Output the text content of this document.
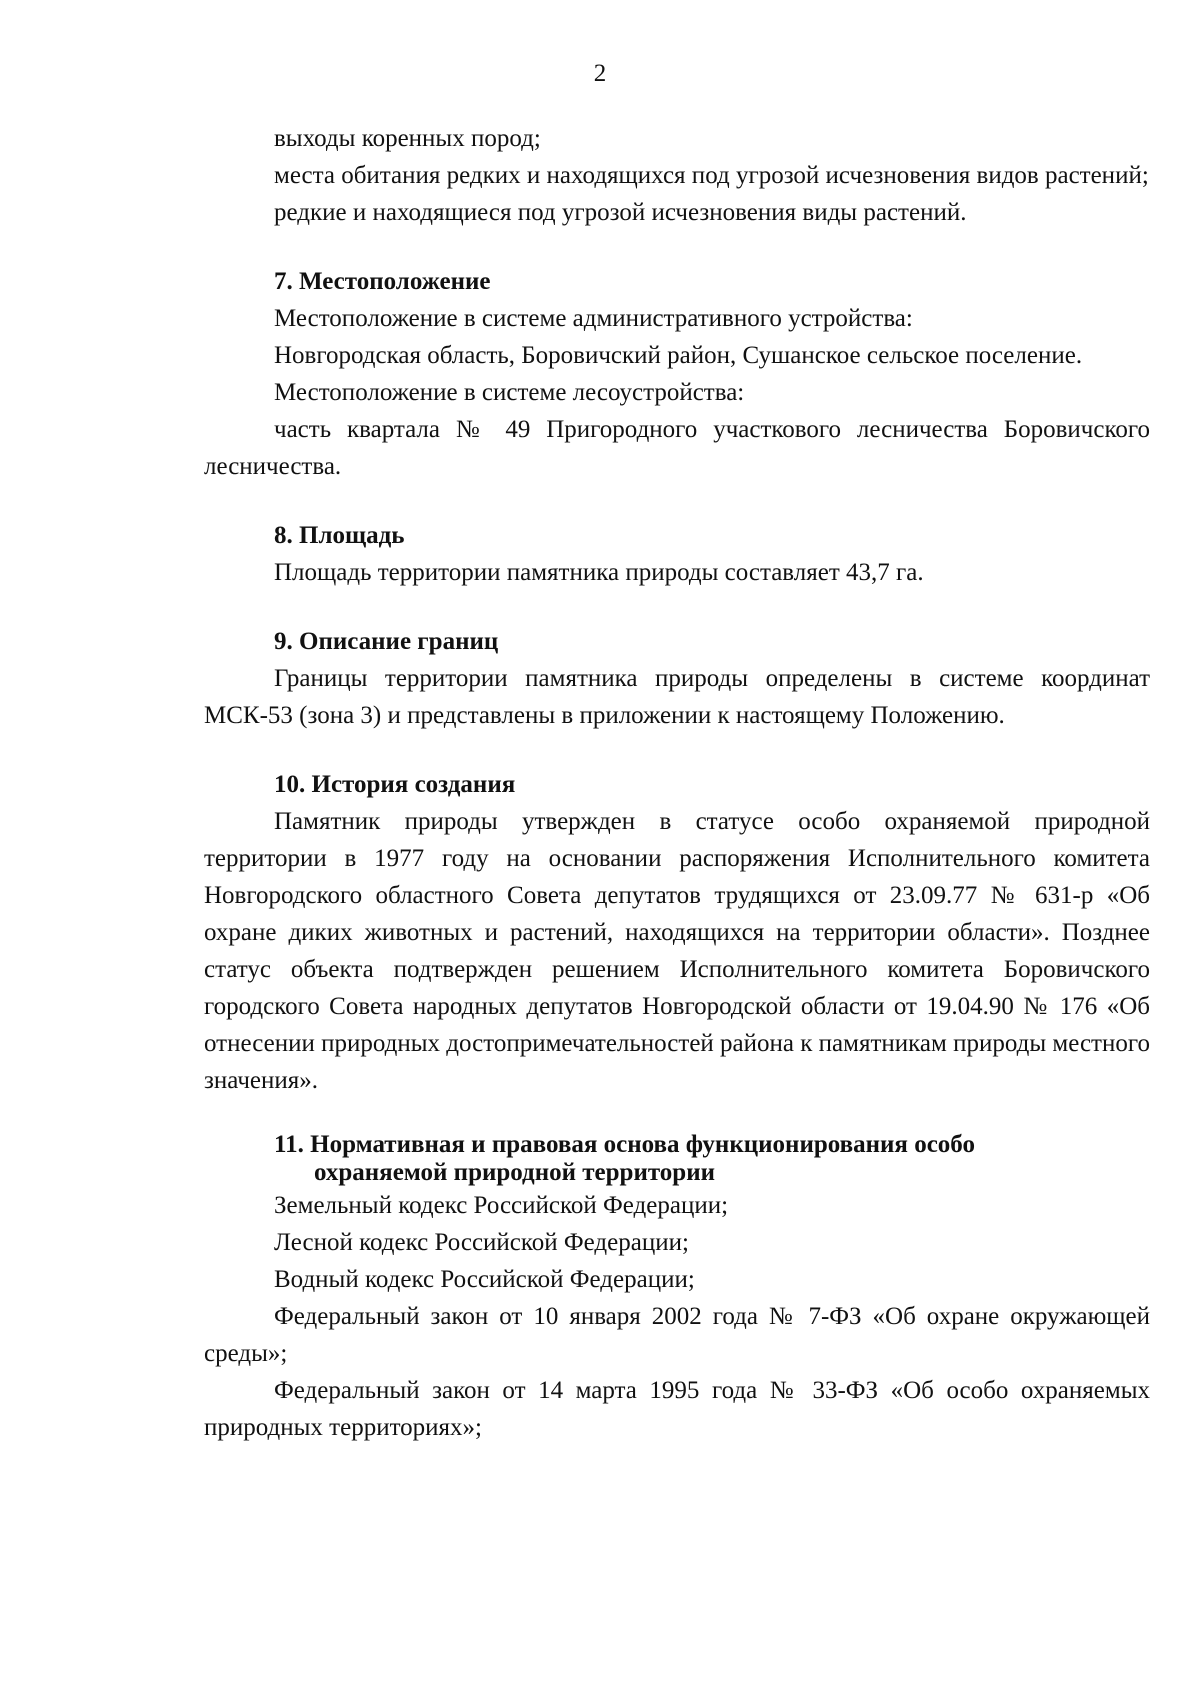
2

выходы коренных пород;

места обитания редких и находящихся под угрозой исчезновения видов растений;

редкие и находящиеся под угрозой исчезновения виды растений.

7. Местоположение

Местоположение в системе административного устройства:

Новгородская область, Боровичский район, Сушанское сельское поселение.

Местоположение в системе лесоустройства:

часть квартала № 49 Пригородного участкового лесничества Боровичского лесничества.

8. Площадь

Площадь территории памятника природы составляет 43,7 га.

9. Описание границ

Границы территории памятника природы определены в системе координат МСК-53 (зона 3) и представлены в приложении к настоящему Положению.

10. История создания

Памятник природы утвержден в статусе особо охраняемой природной территории в 1977 году на основании распоряжения Исполнительного комитета Новгородского областного Совета депутатов трудящихся от 23.09.77 № 631-р «Об охране диких животных и растений, находящихся на территории области». Позднее статус объекта подтвержден решением Исполнительного комитета Боровичского городского Совета народных депутатов Новгородской области от 19.04.90 № 176 «Об отнесении природных достопримечательностей района к памятникам природы местного значения».

11. Нормативная и правовая основа функционирования особо
охраняемой природной территории

Земельный кодекс Российской Федерации;

Лесной кодекс Российской Федерации;

Водный кодекс Российской Федерации;

Федеральный закон от 10 января 2002 года № 7-ФЗ «Об охране окружающей среды»;

Федеральный закон от 14 марта 1995 года № 33-ФЗ «Об особо охраняемых природных территориях»;
